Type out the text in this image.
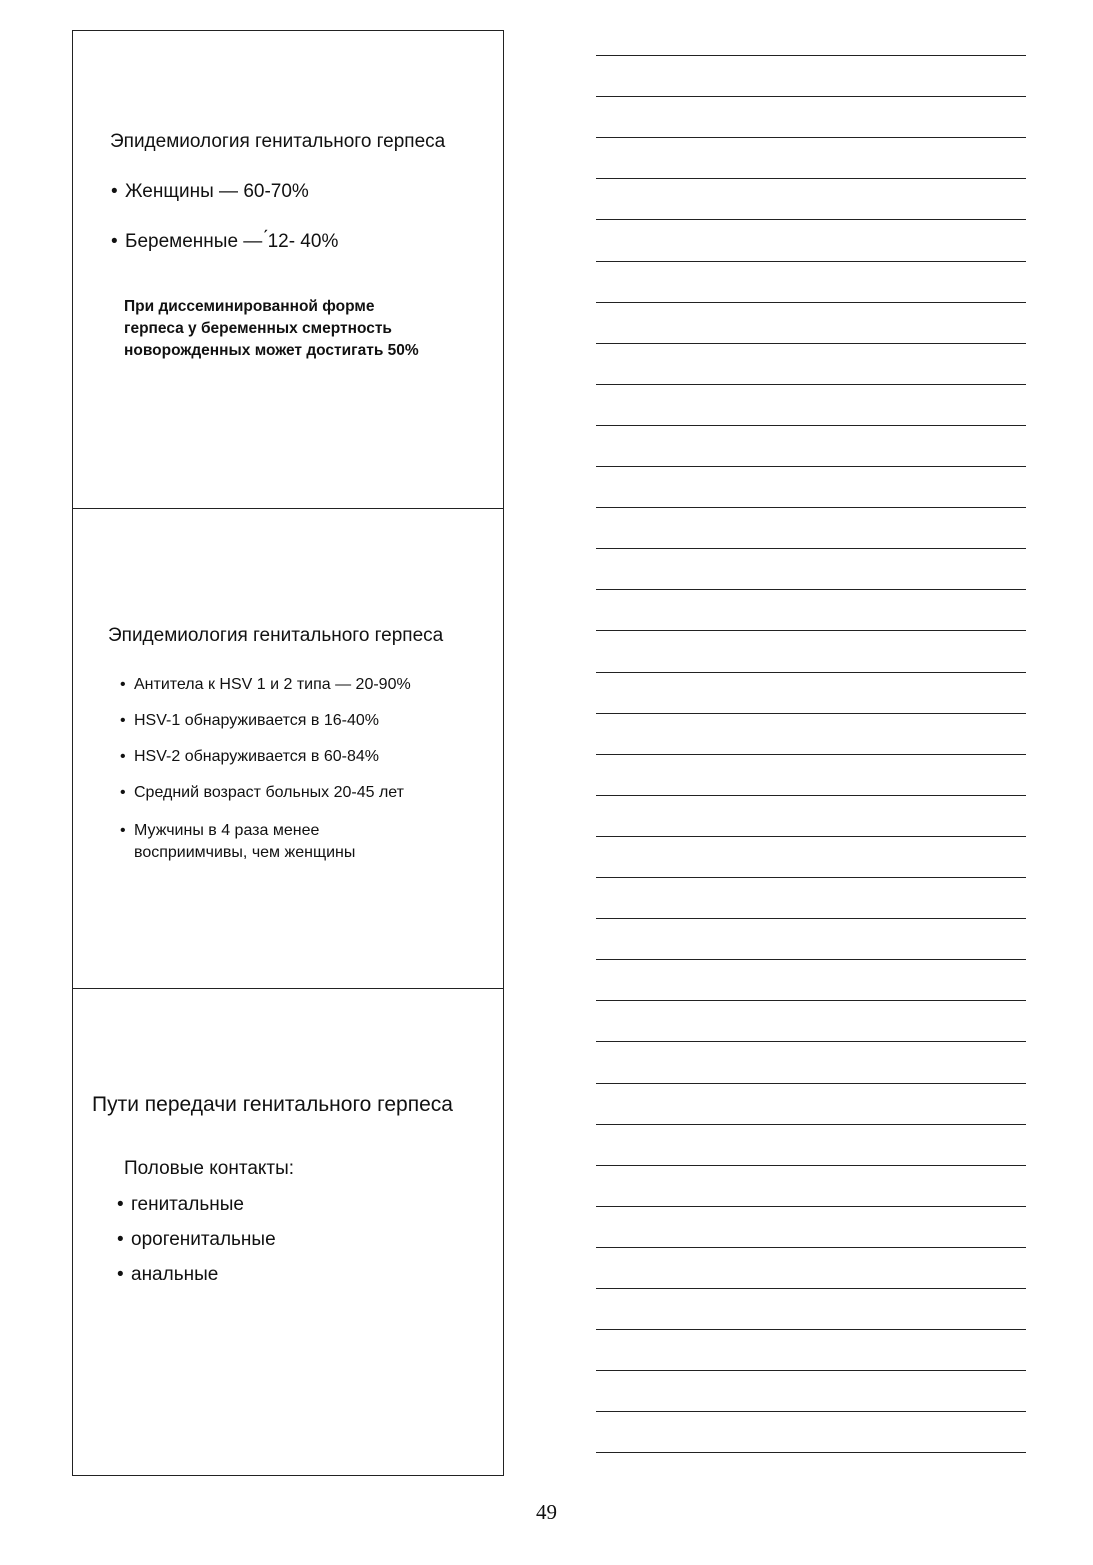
Эпидемиология генитального герпеса
• Женщины — 60-70%
• Беременные — ́12- 40%
При диссеминированной форме
герпеса у беременных смертность
новорожденных может достигать 50%
Эпидемиология генитального герпеса
• Антитела к HSV 1 и 2 типа — 20-90%
• HSV-1 обнаруживается в 16-40%
• HSV-2 обнаруживается в 60-84%
• Средний возраст больных 20-45 лет
• Мужчины в 4 раза менее восприимчивы, чем женщины
Пути передачи генитального герпеса
Половые контакты:
• генитальные
• орогенитальные
• анальные
49
